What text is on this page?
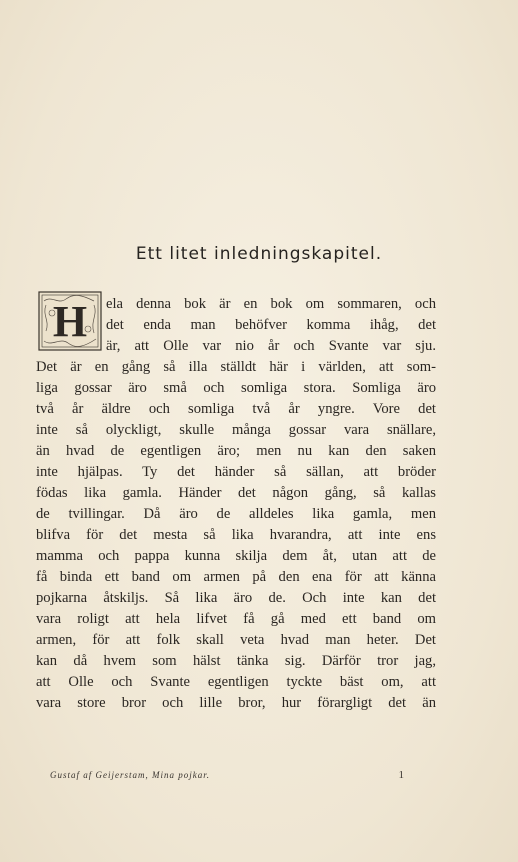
Ett litet inledningskapitel.
H	ela denna bok är en bok om sommaren, och
det enda man behöfver komma ihåg, det
är, att Olle var nio år och Svante var sju.
Det är en gång så illa ställdt här i världen, att som-
liga gossar äro små och somliga stora. Somliga äro
två år äldre och somliga två år yngre. Vore det
inte så olyckligt, skulle många gossar vara snällare,
än hvad de egentligen äro; men nu kan den saken
inte hjälpas. Ty det händer så sällan, att bröder
födas lika gamla. Händer det någon gång, så kallas
de tvillingar. Då äro de alldeles lika gamla, men
blifva för det mesta så lika hvarandra, att inte ens
mamma och pappa kunna skilja dem åt, utan att de
få binda ett band om armen på den ena för att känna
pojkarna åtskiljs. Så lika äro de. Och inte kan det
vara roligt att hela lifvet få gå med ett band om
armen, för att folk skall veta hvad man heter. Det
kan då hvem som hälst tänka sig. Därför tror jag,
att Olle och Svante egentligen tyckte bäst om, att
vara store bror och lille bror, hur förargligt det än
Gustaf af Geijerstam, Mina pojkar.	1
